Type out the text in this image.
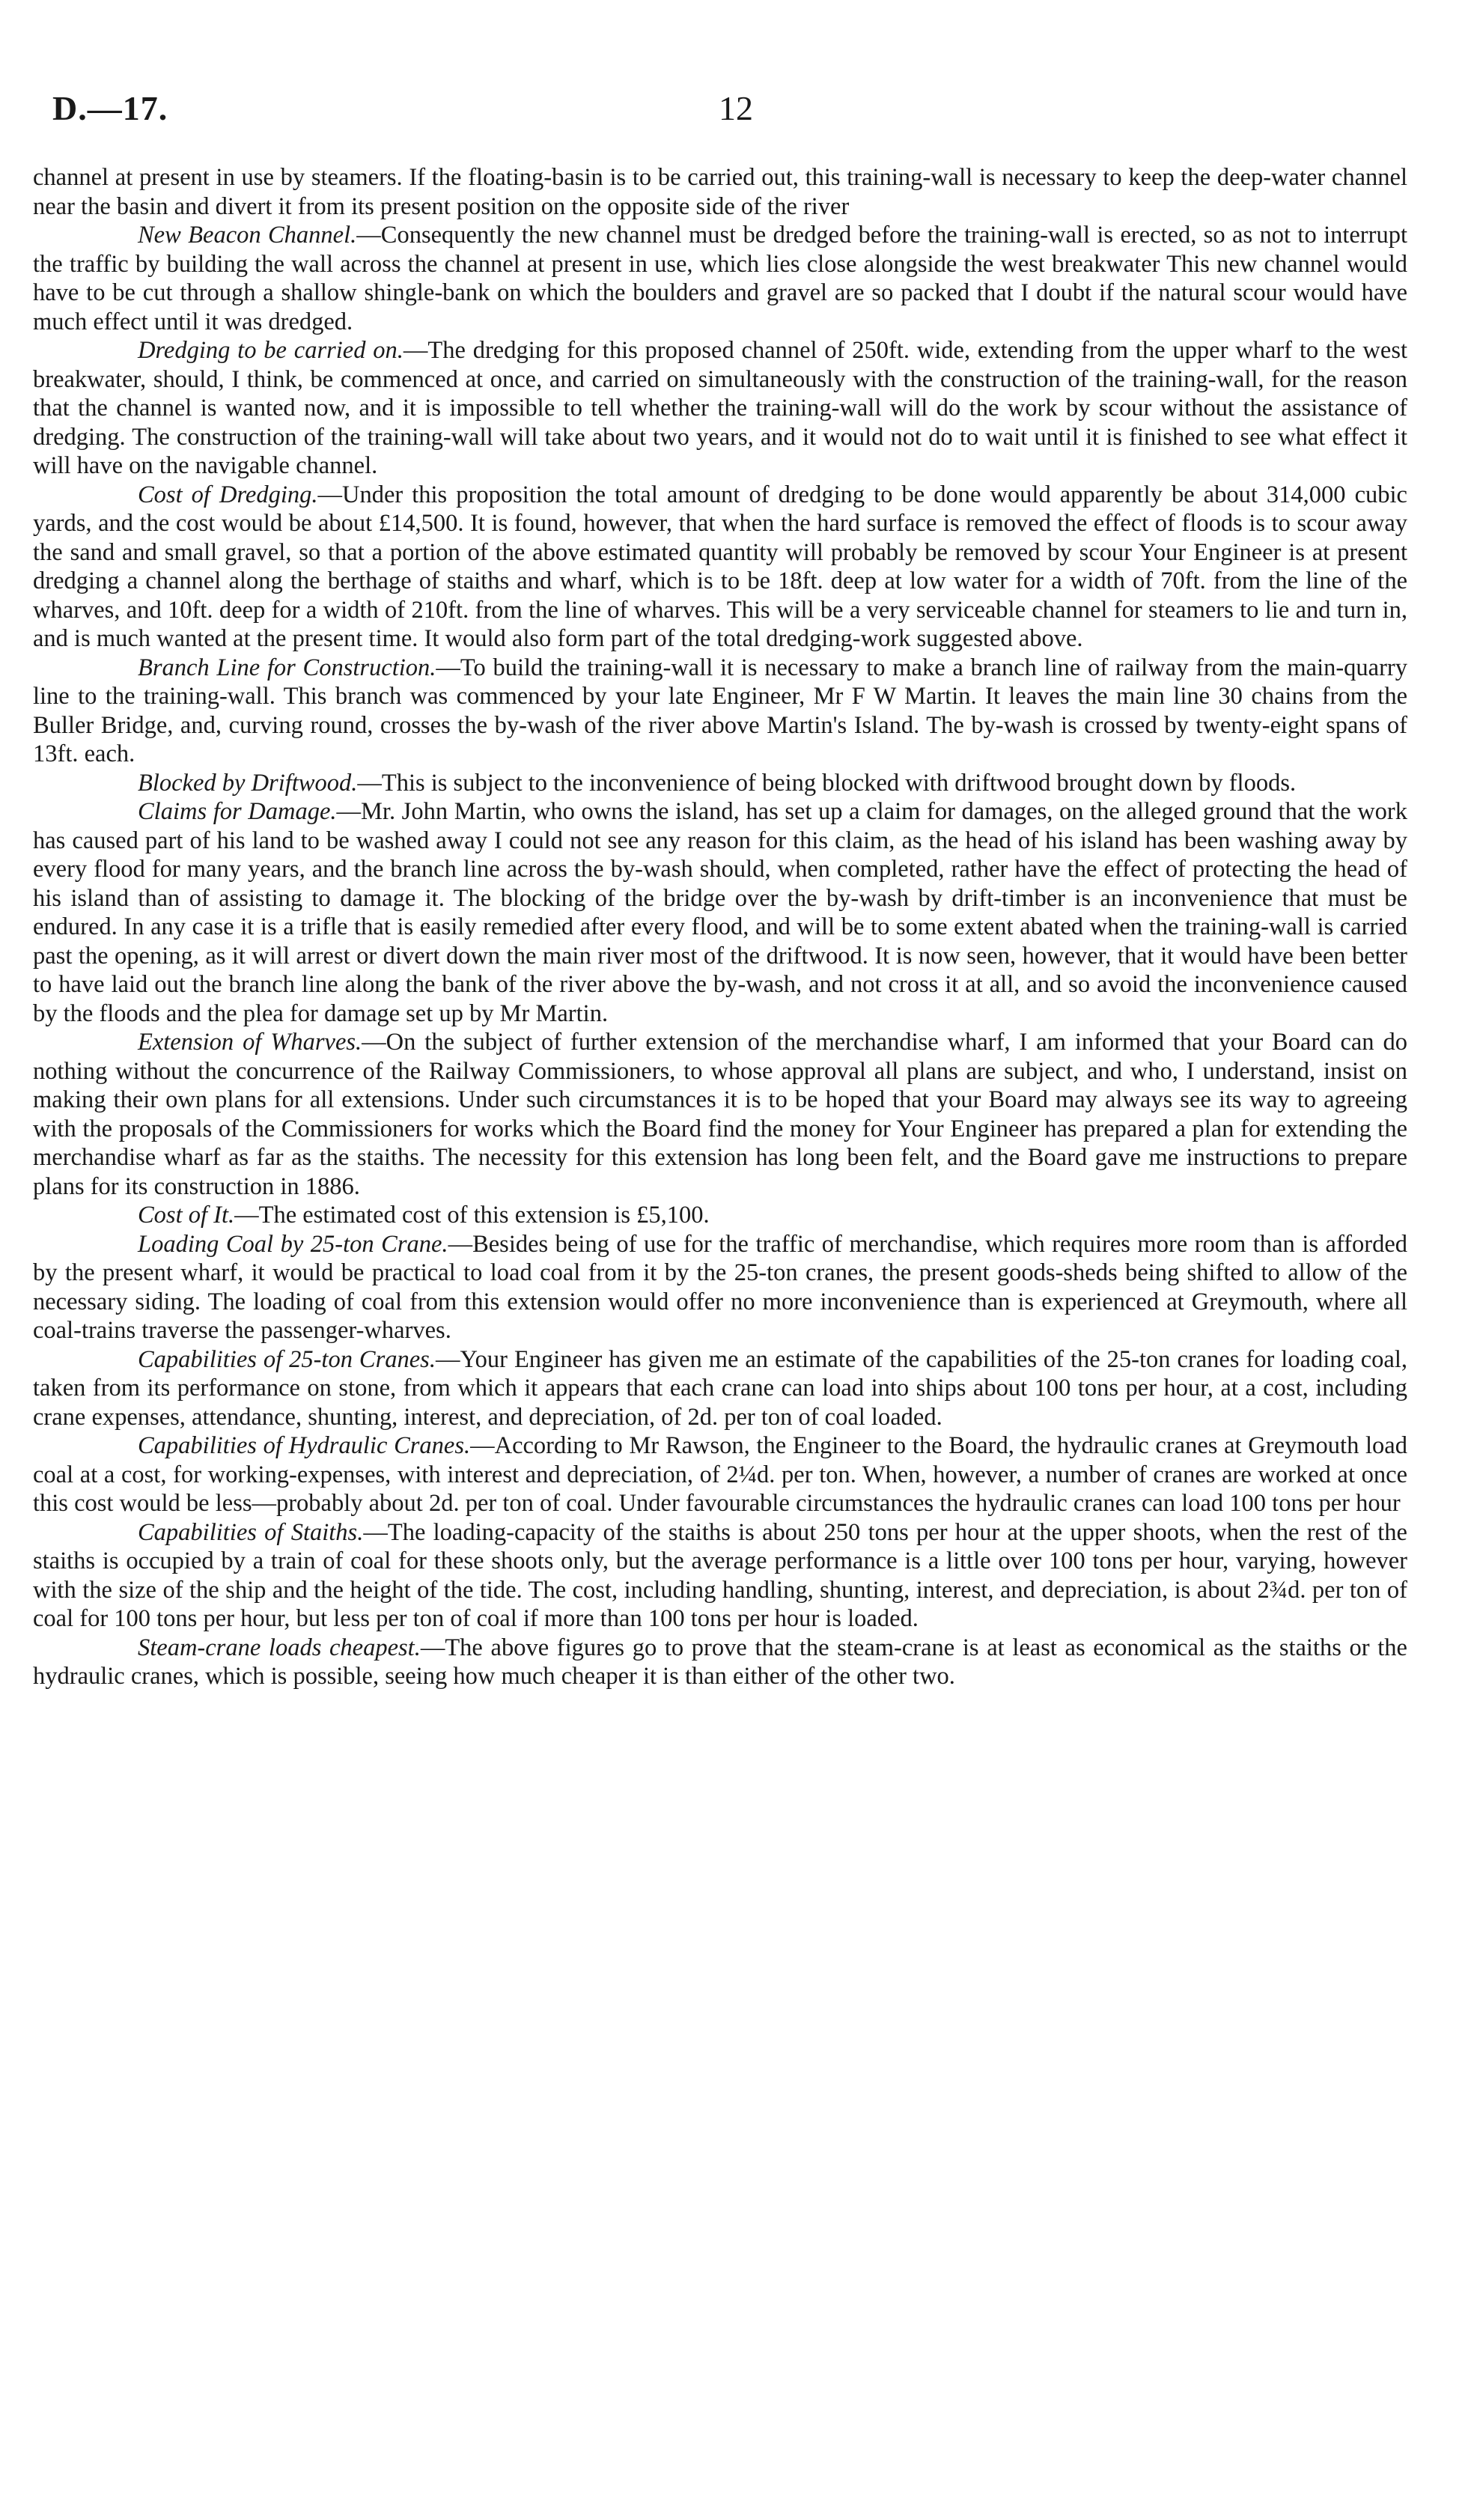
D.—17.	12

channel at present in use by steamers. If the floating-basin is to be carried out, this training-wall is necessary to keep the deep-water channel near the basin and divert it from its present position on the opposite side of the river

New Beacon Channel.—Consequently the new channel must be dredged before the training-wall is erected, so as not to interrupt the traffic by building the wall across the channel at present in use, which lies close alongside the west breakwater This new channel would have to be cut through a shallow shingle-bank on which the boulders and gravel are so packed that I doubt if the natural scour would have much effect until it was dredged.

Dredging to be carried on.—The dredging for this proposed channel of 250ft. wide, extending from the upper wharf to the west breakwater, should, I think, be commenced at once, and carried on simultaneously with the construction of the training-wall, for the reason that the channel is wanted now, and it is impossible to tell whether the training-wall will do the work by scour without the assistance of dredging. The construction of the training-wall will take about two years, and it would not do to wait until it is finished to see what effect it will have on the navigable channel.

Cost of Dredging.—Under this proposition the total amount of dredging to be done would apparently be about 314,000 cubic yards, and the cost would be about £14,500. It is found, however, that when the hard surface is removed the effect of floods is to scour away the sand and small gravel, so that a portion of the above estimated quantity will probably be removed by scour Your Engineer is at present dredging a channel along the berthage of staiths and wharf, which is to be 18ft. deep at low water for a width of 70ft. from the line of the wharves, and 10ft. deep for a width of 210ft. from the line of wharves. This will be a very serviceable channel for steamers to lie and turn in, and is much wanted at the present time. It would also form part of the total dredging-work suggested above.

Branch Line for Construction.—To build the training-wall it is necessary to make a branch line of railway from the main-quarry line to the training-wall. This branch was commenced by your late Engineer, Mr F W Martin. It leaves the main line 30 chains from the Buller Bridge, and, curving round, crosses the by-wash of the river above Martin's Island. The by-wash is crossed by twenty-eight spans of 13ft. each.

Blocked by Driftwood.—This is subject to the inconvenience of being blocked with driftwood brought down by floods.

Claims for Damage.—Mr. John Martin, who owns the island, has set up a claim for damages, on the alleged ground that the work has caused part of his land to be washed away I could not see any reason for this claim, as the head of his island has been washing away by every flood for many years, and the branch line across the by-wash should, when completed, rather have the effect of protecting the head of his island than of assisting to damage it. The blocking of the bridge over the by-wash by drift-timber is an inconvenience that must be endured. In any case it is a trifle that is easily remedied after every flood, and will be to some extent abated when the training-wall is carried past the opening, as it will arrest or divert down the main river most of the driftwood. It is now seen, however, that it would have been better to have laid out the branch line along the bank of the river above the by-wash, and not cross it at all, and so avoid the inconvenience caused by the floods and the plea for damage set up by Mr Martin.

Extension of Wharves.—On the subject of further extension of the merchandise wharf, I am informed that your Board can do nothing without the concurrence of the Railway Commissioners, to whose approval all plans are subject, and who, I understand, insist on making their own plans for all extensions. Under such circumstances it is to be hoped that your Board may always see its way to agreeing with the proposals of the Commissioners for works which the Board find the money for Your Engineer has prepared a plan for extending the merchandise wharf as far as the staiths. The necessity for this extension has long been felt, and the Board gave me instructions to prepare plans for its construction in 1886.

Cost of It.—The estimated cost of this extension is £5,100.

Loading Coal by 25-ton Crane.—Besides being of use for the traffic of merchandise, which requires more room than is afforded by the present wharf, it would be practical to load coal from it by the 25-ton cranes, the present goods-sheds being shifted to allow of the necessary siding. The loading of coal from this extension would offer no more inconvenience than is experienced at Greymouth, where all coal-trains traverse the passenger-wharves.

Capabilities of 25-ton Cranes.—Your Engineer has given me an estimate of the capabilities of the 25-ton cranes for loading coal, taken from its performance on stone, from which it appears that each crane can load into ships about 100 tons per hour, at a cost, including crane expenses, attendance, shunting, interest, and depreciation, of 2d. per ton of coal loaded.

Capabilities of Hydraulic Cranes.—According to Mr Rawson, the Engineer to the Board, the hydraulic cranes at Greymouth load coal at a cost, for working-expenses, with interest and depreciation, of 2¼d. per ton. When, however, a number of cranes are worked at once this cost would be less—probably about 2d. per ton of coal. Under favourable circumstances the hydraulic cranes can load 100 tons per hour

Capabilities of Staiths.—The loading-capacity of the staiths is about 250 tons per hour at the upper shoots, when the rest of the staiths is occupied by a train of coal for these shoots only, but the average performance is a little over 100 tons per hour, varying, however with the size of the ship and the height of the tide. The cost, including handling, shunting, interest, and depreciation, is about 2¾d. per ton of coal for 100 tons per hour, but less per ton of coal if more than 100 tons per hour is loaded.

Steam-crane loads cheapest.—The above figures go to prove that the steam-crane is at least as economical as the staiths or the hydraulic cranes, which is possible, seeing how much cheaper it is than either of the other two.
